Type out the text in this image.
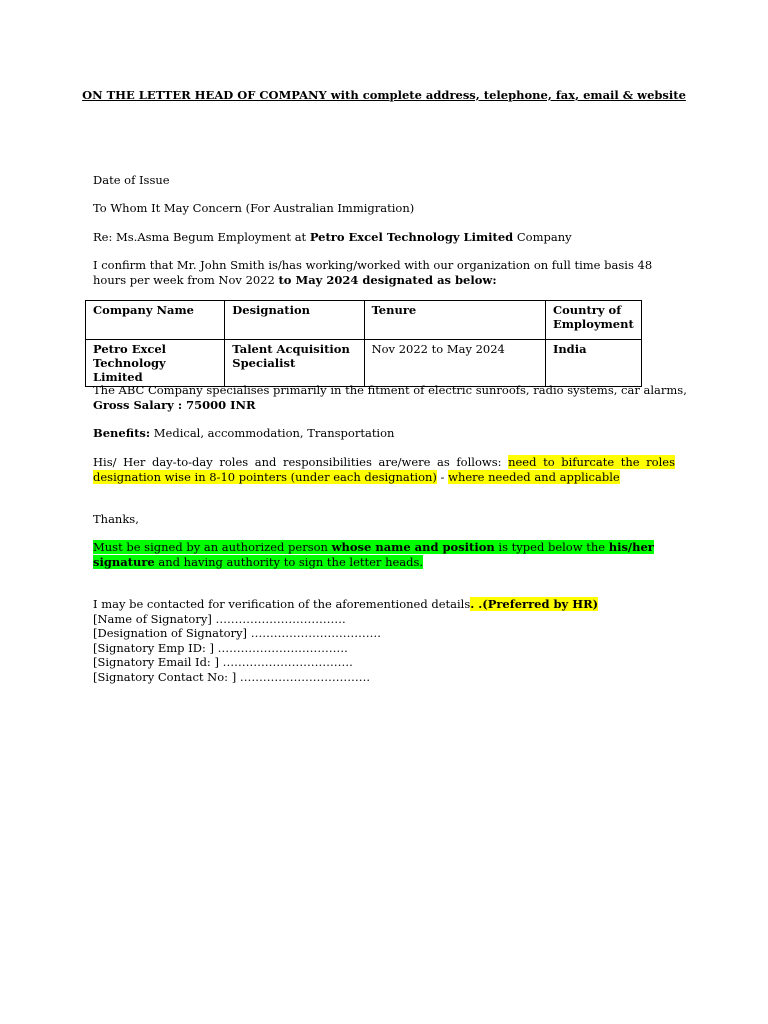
ON THE LETTER HEAD OF COMPANY with complete address, telephone, fax, email & website

Date of Issue

To Whom It May Concern (For Australian Immigration)

Re: Ms.Asma Begum Employment at Petro Excel Technology Limited Company

I confirm that Mr. John Smith is/has working/worked with our organization on full time basis 48 hours per week from Nov 2022 to May 2024 designated as below:

Company Name	Designation	Tenure	Country of Employment
Petro Excel Technology Limited	Talent Acquisition Specialist	Nov 2022 to May 2024	India

The ABC Company specialises primarily in the fitment of electric sunroofs, radio systems, car alarms,
Gross Salary : 75000 INR

Benefits: Medical, accommodation, Transportation

His/ Her day-to-day roles and responsibilities are/were as follows: need to bifurcate the roles designation wise in 8-10 pointers (under each designation) - where needed and applicable

Thanks,

Must be signed by an authorized person whose name and position is typed below the his/her signature and having authority to sign the letter heads.

I may be contacted for verification of the aforementioned details. .(Preferred by HR)
[Name of Signatory] …………………………….
[Designation of Signatory] …………………………….
[Signatory Emp ID: ] …………………………….
[Signatory Email Id: ] …………………………….
[Signatory Contact No: ] …………………………….
